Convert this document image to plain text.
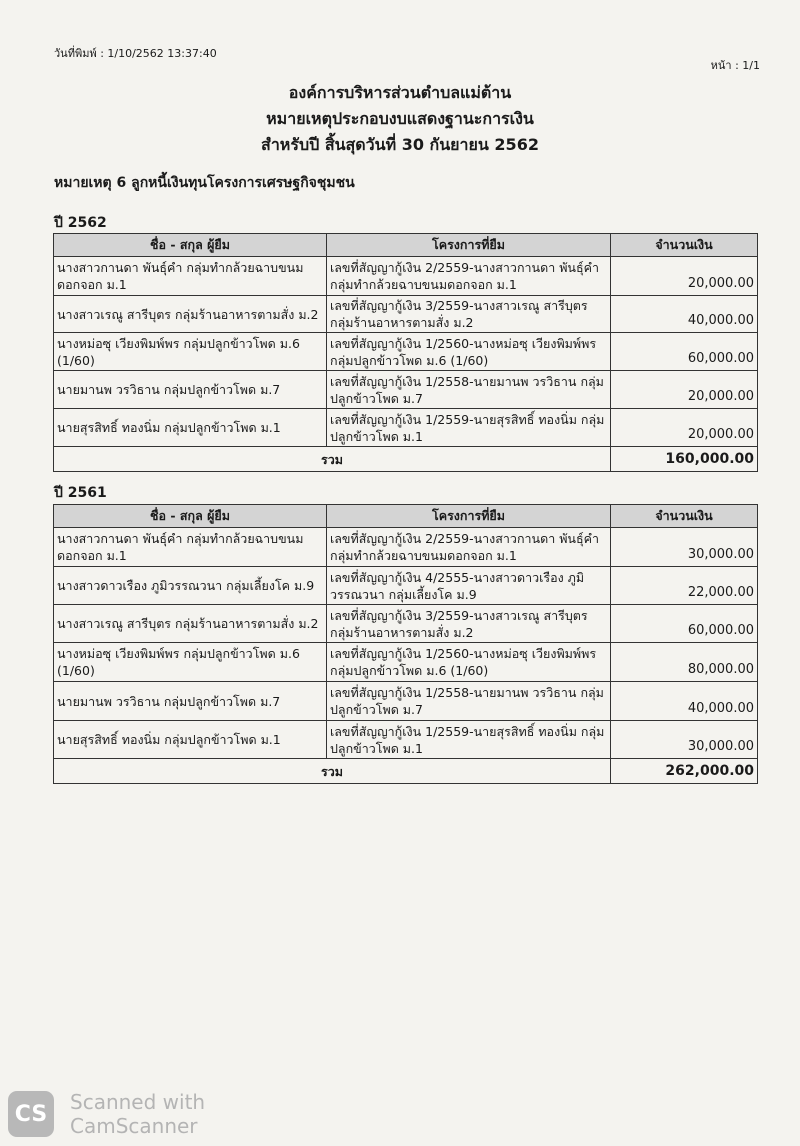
วันที่พิมพ์ : 1/10/2562 13:37:40
หน้า : 1/1
องค์การบริหารส่วนตำบลแม่ต้าน
หมายเหตุประกอบงบแสดงฐานะการเงิน
สำหรับปี สิ้นสุดวันที่ 30 กันยายน 2562
หมายเหตุ 6 ลูกหนี้เงินทุนโครงการเศรษฐกิจชุมชน
ปี 2562
ชื่อ - สกุล ผู้ยืม	โครงการที่ยืม	จำนวนเงิน
นางสาวกานดา พันธุ์คำ กลุ่มทำกล้วยฉาบขนมดอกจอก ม.1	เลขที่สัญญากู้เงิน 2/2559-นางสาวกานดา พันธุ์คำ กลุ่มทำกล้วยฉาบขนมดอกจอก ม.1	20,000.00
นางสาวเรณู สารีบุตร กลุ่มร้านอาหารตามสั่ง ม.2	เลขที่สัญญากู้เงิน 3/2559-นางสาวเรณู สารีบุตร กลุ่มร้านอาหารตามสั่ง ม.2	40,000.00
นางหม่อซุ เวียงพิมพ์พร กลุ่มปลูกข้าวโพด ม.6 (1/60)	เลขที่สัญญากู้เงิน 1/2560-นางหม่อซุ เวียงพิมพ์พร กลุ่มปลูกข้าวโพด ม.6 (1/60)	60,000.00
นายมานพ วรวิธาน กลุ่มปลูกข้าวโพด ม.7	เลขที่สัญญากู้เงิน 1/2558-นายมานพ วรวิธาน กลุ่มปลูกข้าวโพด ม.7	20,000.00
นายสุรสิทธิ์ ทองนิ่ม กลุ่มปลูกข้าวโพด ม.1	เลขที่สัญญากู้เงิน 1/2559-นายสุรสิทธิ์ ทองนิ่ม กลุ่มปลูกข้าวโพด ม.1	20,000.00
รวม		160,000.00
ปี 2561
ชื่อ - สกุล ผู้ยืม	โครงการที่ยืม	จำนวนเงิน
นางสาวกานดา พันธุ์คำ กลุ่มทำกล้วยฉาบขนมดอกจอก ม.1	เลขที่สัญญากู้เงิน 2/2559-นางสาวกานดา พันธุ์คำ กลุ่มทำกล้วยฉาบขนมดอกจอก ม.1	30,000.00
นางสาวดาวเรือง ภูมิวรรณวนา กลุ่มเลี้ยงโค ม.9	เลขที่สัญญากู้เงิน 4/2555-นางสาวดาวเรือง ภูมิวรรณวนา กลุ่มเลี้ยงโค ม.9	22,000.00
นางสาวเรณู สารีบุตร กลุ่มร้านอาหารตามสั่ง ม.2	เลขที่สัญญากู้เงิน 3/2559-นางสาวเรณู สารีบุตร กลุ่มร้านอาหารตามสั่ง ม.2	60,000.00
นางหม่อซุ เวียงพิมพ์พร กลุ่มปลูกข้าวโพด ม.6 (1/60)	เลขที่สัญญากู้เงิน 1/2560-นางหม่อซุ เวียงพิมพ์พร กลุ่มปลูกข้าวโพด ม.6 (1/60)	80,000.00
นายมานพ วรวิธาน กลุ่มปลูกข้าวโพด ม.7	เลขที่สัญญากู้เงิน 1/2558-นายมานพ วรวิธาน กลุ่มปลูกข้าวโพด ม.7	40,000.00
นายสุรสิทธิ์ ทองนิ่ม กลุ่มปลูกข้าวโพด ม.1	เลขที่สัญญากู้เงิน 1/2559-นายสุรสิทธิ์ ทองนิ่ม กลุ่มปลูกข้าวโพด ม.1	30,000.00
รวม		262,000.00
CS	Scanned with
CamScanner
